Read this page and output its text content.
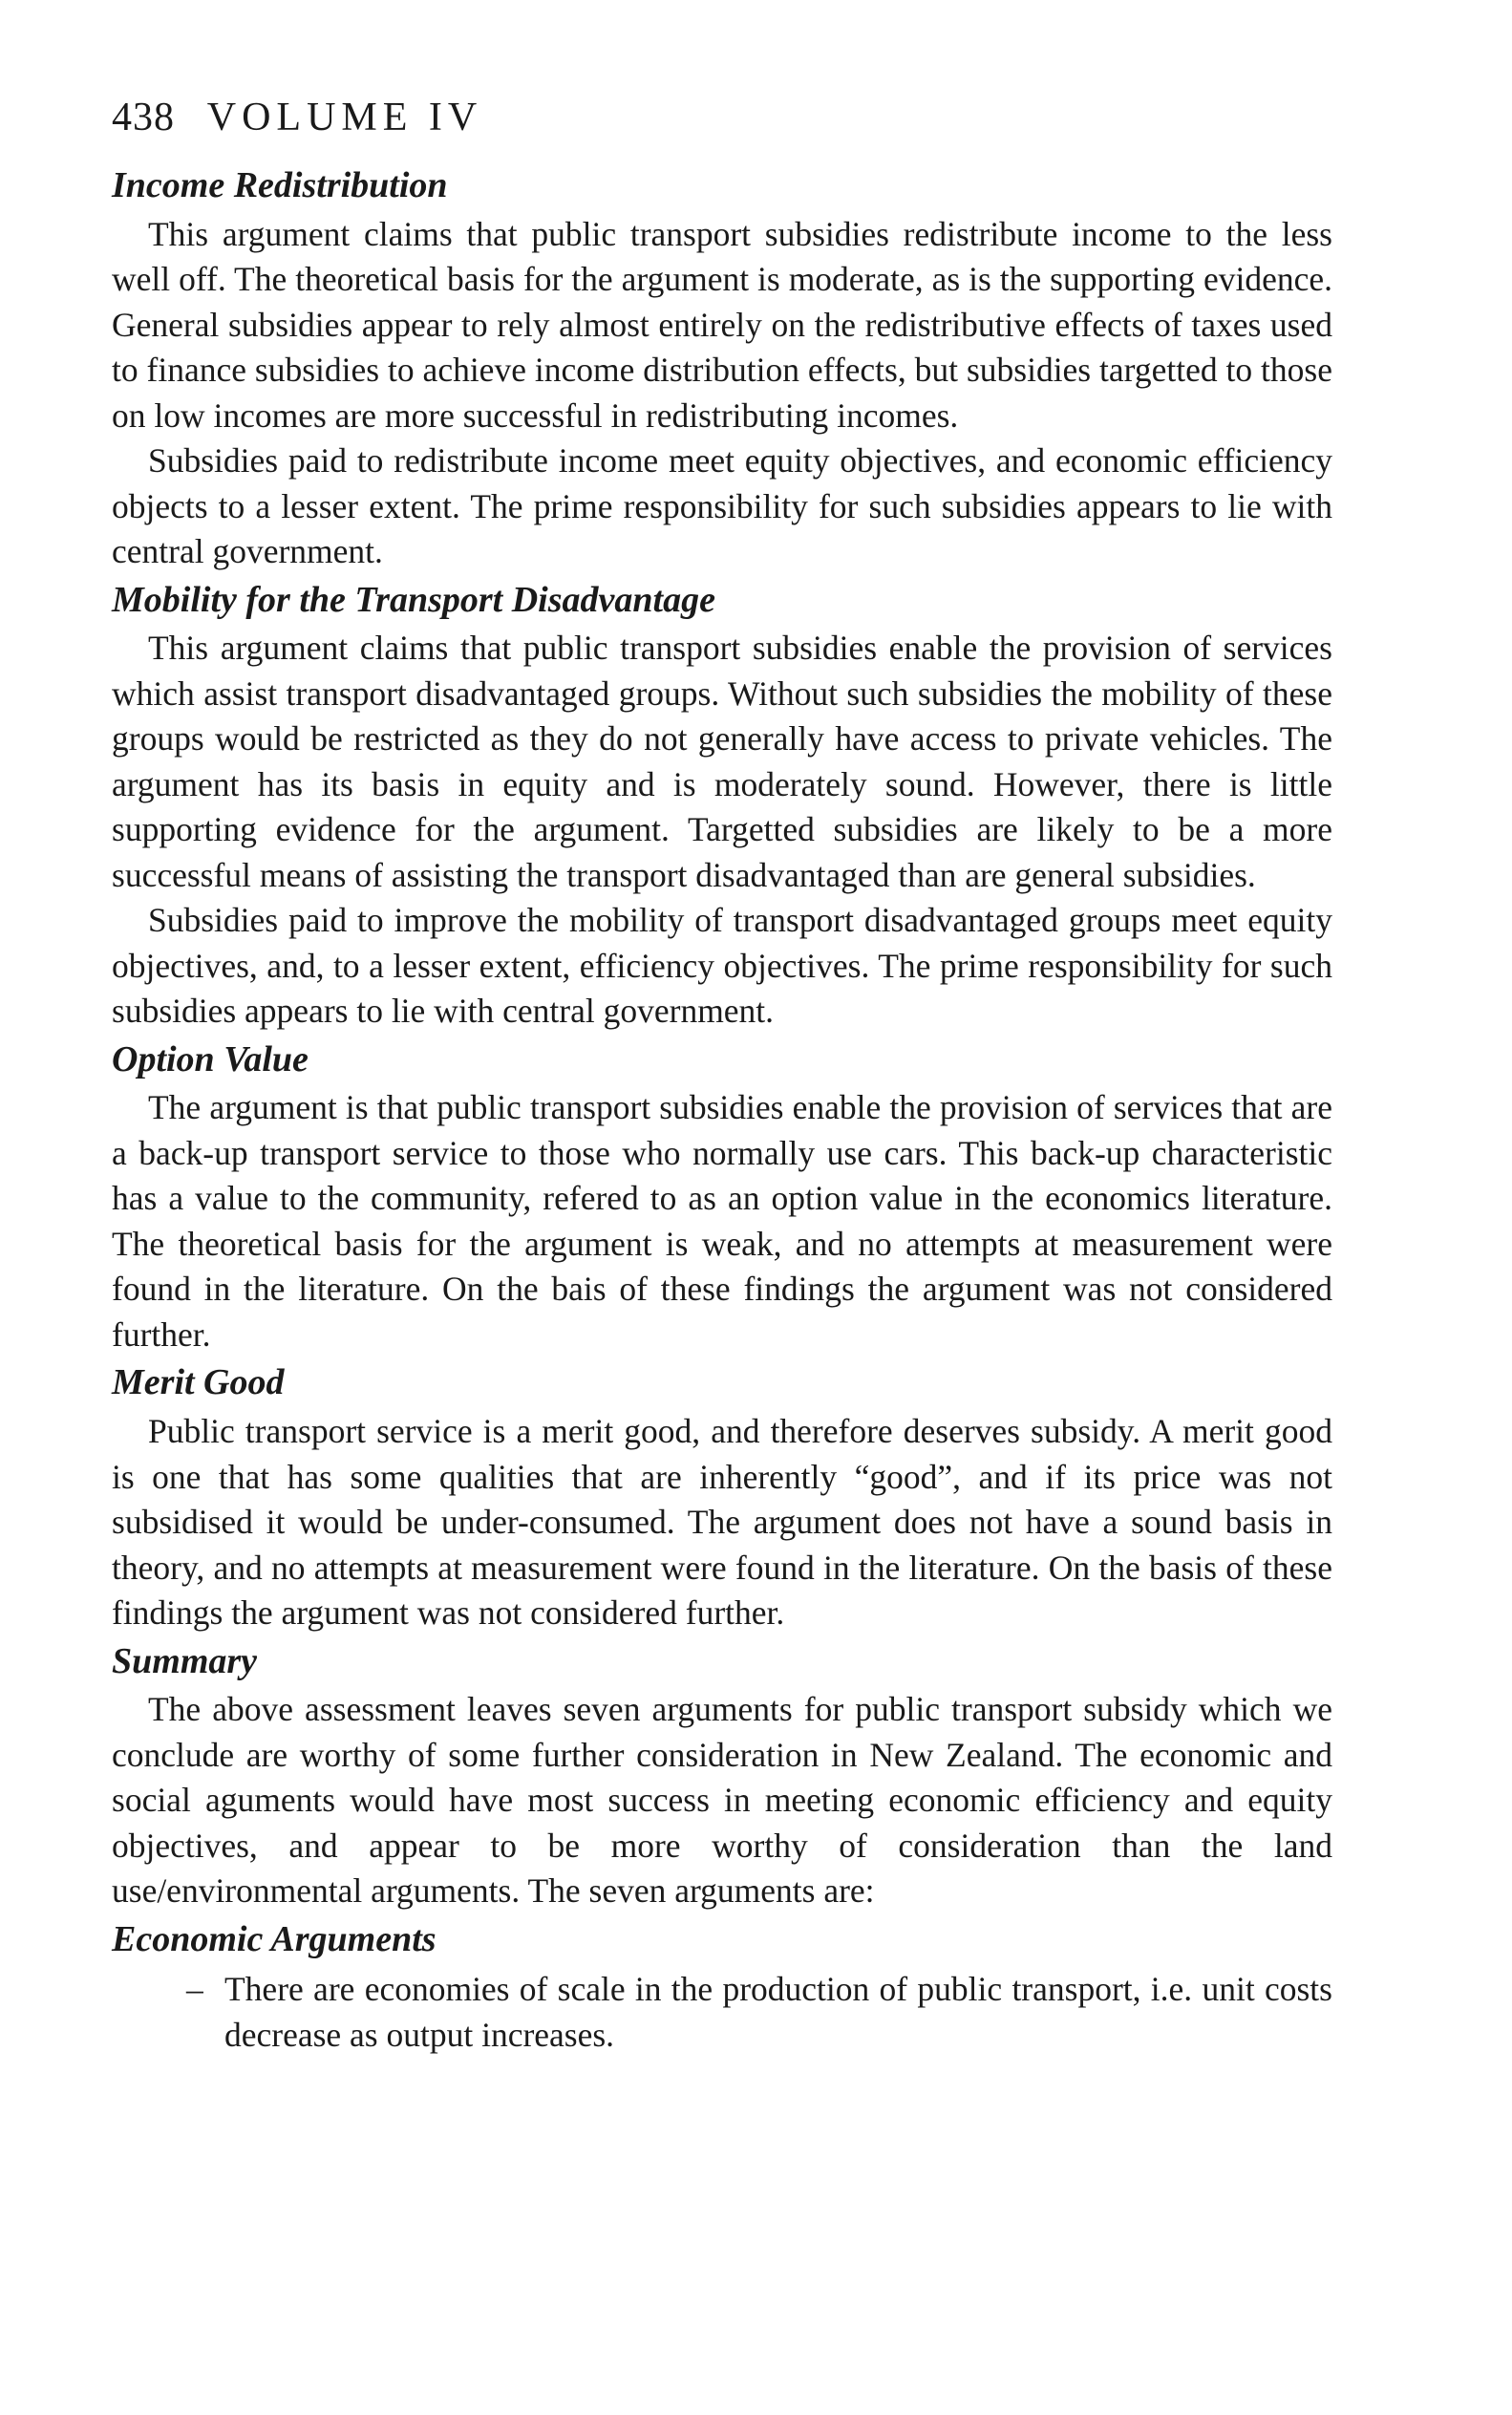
438 VOLUME IV
Income Redistribution

This argument claims that public transport subsidies redistribute income to the less well off. The theoretical basis for the argument is moderate, as is the supporting evidence. General subsidies appear to rely almost entirely on the redistributive effects of taxes used to finance subsidies to achieve income distribution effects, but subsidies targetted to those on low incomes are more successful in redistributing incomes.

Subsidies paid to redistribute income meet equity objectives, and economic efficiency objects to a lesser extent. The prime responsibility for such subsidies appears to lie with central government.

Mobility for the Transport Disadvantage

This argument claims that public transport subsidies enable the provision of services which assist transport disadvantaged groups. Without such subsidies the mobility of these groups would be restricted as they do not generally have access to private vehicles. The argument has its basis in equity and is moderately sound. However, there is little supporting evidence for the argument. Targetted subsidies are likely to be a more successful means of assisting the transport disadvantaged than are general subsidies.

Subsidies paid to improve the mobility of transport disadvantaged groups meet equity objectives, and, to a lesser extent, efficiency objectives. The prime responsibility for such subsidies appears to lie with central government.

Option Value

The argument is that public transport subsidies enable the provision of services that are a back-up transport service to those who normally use cars. This back-up characteristic has a value to the community, refered to as an option value in the economics literature. The theoretical basis for the argument is weak, and no attempts at measurement were found in the literature. On the bais of these findings the argument was not considered further.

Merit Good

Public transport service is a merit good, and therefore deserves subsidy. A merit good is one that has some qualities that are inherently “good”, and if its price was not subsidised it would be under-consumed. The argument does not have a sound basis in theory, and no attempts at measurement were found in the literature. On the basis of these findings the argument was not considered further.

Summary

The above assessment leaves seven arguments for public transport subsidy which we conclude are worthy of some further consideration in New Zealand. The economic and social aguments would have most success in meeting economic efficiency and equity objectives, and appear to be more worthy of consideration than the land use/environmental arguments. The seven arguments are:

Economic Arguments
– There are economies of scale in the production of public transport, i.e. unit costs decrease as output increases.
